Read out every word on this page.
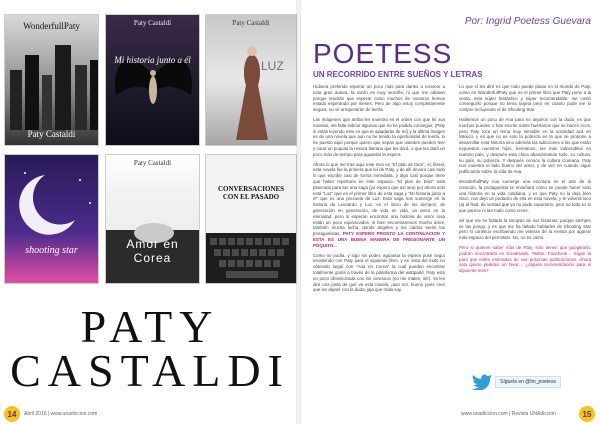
WonderfullPaty
Paty Castaldi
Paty Castaldi
Mi historia junto a él
Paty Castaldi
LUZ
shooting star
Paty Castaldi
Amor en Corea
CONVERSACIONES CON EL PASADO
PATY
CASTALDI
14	Abril 2016 | www.unadiccion.com
Por: Ingrid Poetess Guevara
POETESS
UN RECORRIDO ENTRE SUEÑOS Y LETRAS

Hubiera preferido esperar un poco más para darles a conocer a esta gran autora, la razón es muy sencilla, ni que me odiaran porque tendrán que esperar como muchos de nosotros hemos estado esperando por meses. Pero de algo estoy completamente segura, no se arrepentirán de leerla.

Las imágenes que arriba les muestro es el orden con que leí sus novelas, me falta indicar algunas que no he podido conseguir, (Paty si estás leyendo esto es que te apiadarás de mí) y la última imagen es de una novela que aun no he tenido la oportunidad de leerla, lo he puesto aquí porque quiero que sepan que ustedes pueden leer y curar un poquito la resaca literaria que les dará, o que les dará un poco más de tiempo para aguantar la espera.

Ahora lo que me trae aquí este mes es "El plan de Dios", sí, literal, esta novela fue la primera que leí de Paty, y de allí devoro casi todo lo que escribe casi de forma inmediata, y digo casi porque tiene que haber repertorio en este espacio. "El plan de Dios" está planeado para ser una saga (yo espero que así sea) por ahora solo está "Luz" que es el primer libro de esta saga y "Mi historia junto a él" que es una precuela de Luz. Esta saga nos sumerge en la historia de Leonardo y Luz, en el inicio de los tiempos, de generación en generación, de vida en vida, un amor en la eternidad, pero si esperan encontrar una historia de amor rosa están un poco equivocados, si bien encontraremos mucho amor, también mucha lucha, donde ángeles y los caídos serán los protagonistas. PATY ESPERO PRONTO LA CONTINUACION Y ESTA ES UNA BUENA MANERA DE PRESIONARTE UN POQUITO...

Como no podía, y sigo sin poder, aguantar la espera puse seguí insistiendo con Paty para el siguiente libro, y en vista del éxito no obtenido seguí con "Ana en Corea" la cual pueden encontrar totalmente gratis a través de la plataforma del wattpadd, Paty está un poco obsesionada con los coreanos (no me mates, ok!). Ya les diré una pista de qué va esta novela, ¡aun no!, bueno pues creo que les dejaré con la duda, jaja que mala soy.

Lo que sí les diré es que todo puede pasar en el mundo de Paty, como en WonderfullPaty que es el primer libro que Paty pone a la venta, esta súper fantástico y súper recomendable, me costó conseguirlo porque no tenía tarjeta pero en cuanto pude me lo compre incluyendo el de Shooting Star.

Hablemos un poco de Ana para no dejarlos con la duda, es que muchos pueden o han escrito sobre huérfanos que se hacen ricos, pero Paty toca un tema muy sensible en la sociedad acá en México, y es que no es solo la pobreza en la que se propone a desarrollar esta historia sino además las adicciones a los que están expuestos nuestros hijos, hermanos, los más vulnerables en nuestro país, y después esta chica abandonando todo, su cultura, su país, su pobreza. Y después conoce la cultura Coreana. Paty nos muestra el lado bueno del amor, y de vez en cuando sigue publicando sobre la vida de Ana.

WonderfullPaty nos sumerge una escritora en el arte de la creación, la protagonista te enseñará cómo se puede hacer todo una historia en tu vida cotidiana, y es que Paty no lo deja bien claro, nos dejó un pedacito de ella en esta novela, y te volverá loco (a) al final, de verdad que yo no pude soportarlo, pero no todo es lo que parece ni tan malo como crees.

Sé que me he faltado la sinopsis de sus historias, porque siempre se las pongo, y es que me ha faltado hablarles de Shooting Star pero si continuo escribiendo me veteran de la revista por agarrar más espacio del permitido. No, no es cierto.

Pero si quieren saber más de Paty, solo tienen que googlearla, podrán encontrarla en Goodreads, Twitter, Facebook… Sígan la para que estén enterados de sus próximas publicaciones. Ahora solo quiero pedirles un favor… ¿Alguna recomendación para el siguiente mes?

Síguela en @lm_poetess
www.unadiccion.com | Revista UNAdicción	15
